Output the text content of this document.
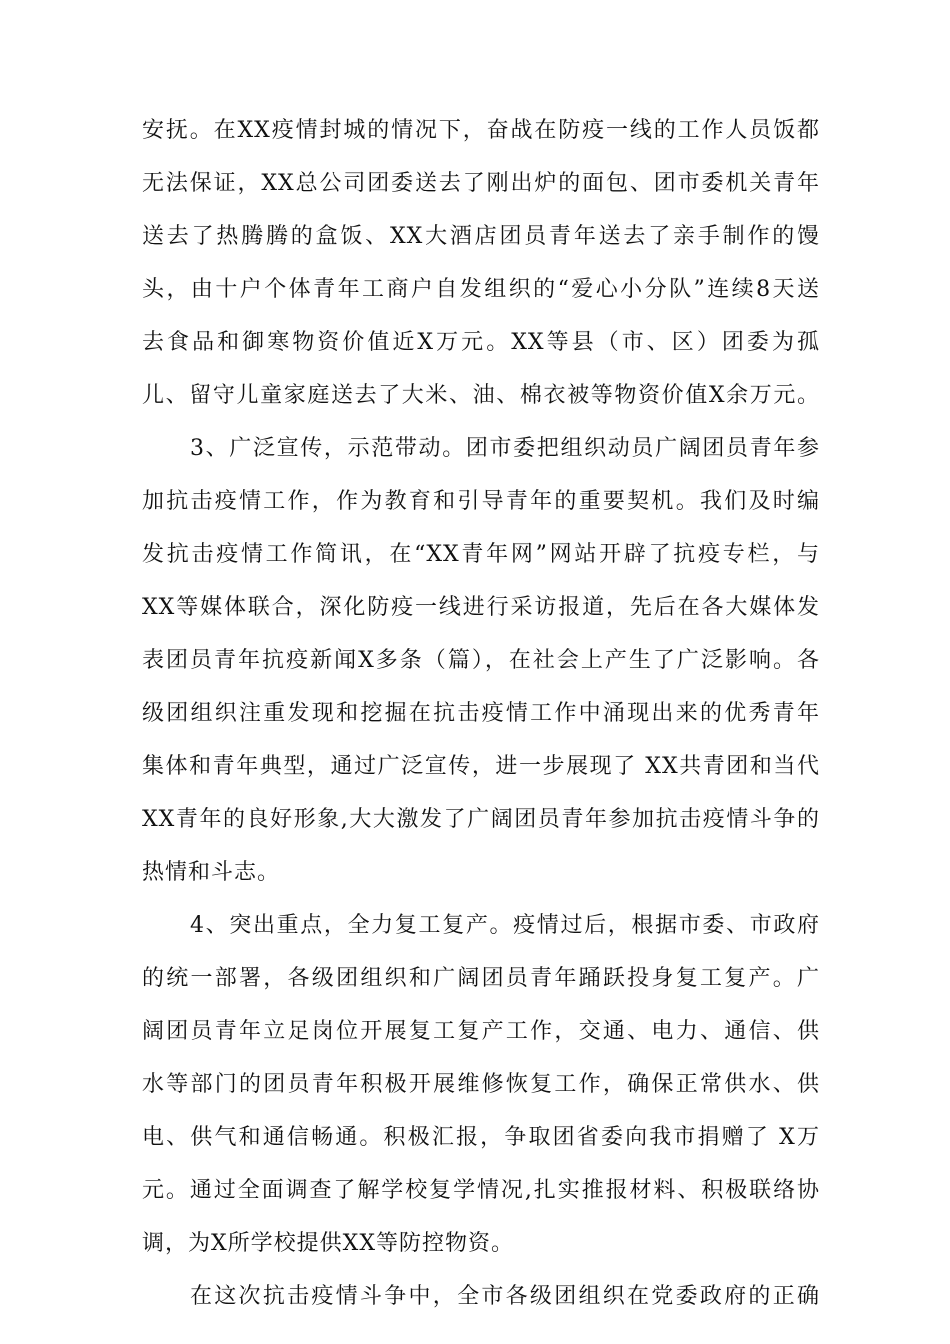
安抚。在XX疫情封城的情况下，奋战在防疫一线的工作人员饭都
无法保证，XX总公司团委送去了刚出炉的面包、团市委机关青年
送去了热腾腾的盒饭、XX大酒店团员青年送去了亲手制作的馒
头，由十户个体青年工商户自发组织的“爱心小分队”连续8天送
去食品和御寒物资价值近X万元。XX等县（市、区）团委为孤
儿、留守儿童家庭送去了大米、油、棉衣被等物资价值X余万元。
3、广泛宣传，示范带动。团市委把组织动员广阔团员青年参
加抗击疫情工作，作为教育和引导青年的重要契机。我们及时编
发抗击疫情工作简讯，在“XX青年网”网站开辟了抗疫专栏，与
XX等媒体联合，深化防疫一线进行采访报道，先后在各大媒体发
表团员青年抗疫新闻X多条（篇），在社会上产生了广泛影响。各
级团组织注重发现和挖掘在抗击疫情工作中涌现出来的优秀青年
集体和青年典型，通过广泛宣传，进一步展现了 XX共青团和当代
XX青年的良好形象,大大激发了广阔团员青年参加抗击疫情斗争的
热情和斗志。
4、突出重点，全力复工复产。疫情过后，根据市委、市政府
的统一部署，各级团组织和广阔团员青年踊跃投身复工复产。广
阔团员青年立足岗位开展复工复产工作，交通、电力、通信、供
水等部门的团员青年积极开展维修恢复工作，确保正常供水、供
电、供气和通信畅通。积极汇报，争取团省委向我市捐赠了 X万
元。通过全面调查了解学校复学情况,扎实推报材料、积极联络协
调，为X所学校提供XX等防控物资。
在这次抗击疫情斗争中，全市各级团组织在党委政府的正确
